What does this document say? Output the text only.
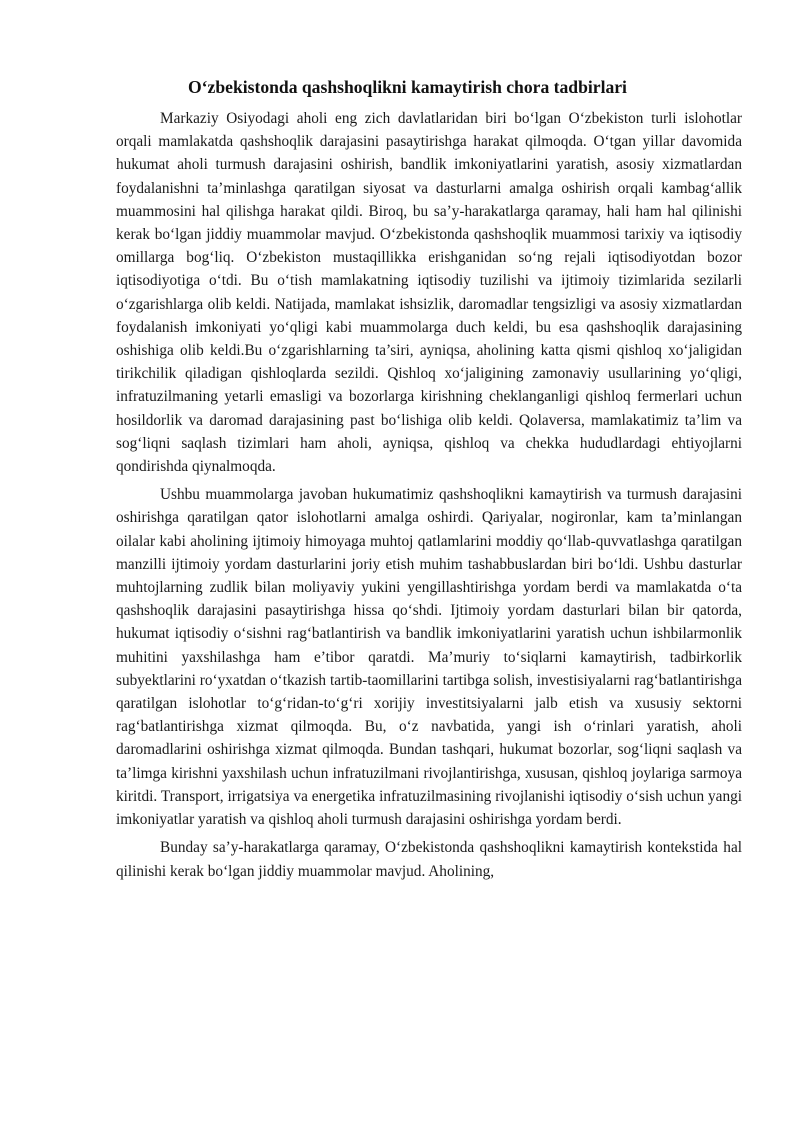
O‘zbekistonda qashshoqlikni kamaytirish chora tadbirlari

Markaziy Osiyodagi aholi eng zich davlatlaridan biri bo‘lgan O‘zbekiston turli islohotlar orqali mamlakatda qashshoqlik darajasini pasaytirishga harakat qilmoqda. O‘tgan yillar davomida hukumat aholi turmush darajasini oshirish, bandlik imkoniyatlarini yaratish, asosiy xizmatlardan foydalanishni ta’minlashga qaratilgan siyosat va dasturlarni amalga oshirish orqali kambag‘allik muammosini hal qilishga harakat qildi. Biroq, bu sa’y-harakatlarga qaramay, hali ham hal qilinishi kerak bo‘lgan jiddiy muammolar mavjud. O‘zbekistonda qashshoqlik muammosi tarixiy va iqtisodiy omillarga bog‘liq. O‘zbekiston mustaqillikka erishganidan so‘ng rejali iqtisodiyotdan bozor iqtisodiyotiga o‘tdi. Bu o‘tish mamlakatning iqtisodiy tuzilishi va ijtimoiy tizimlarida sezilarli o‘zgarishlarga olib keldi. Natijada, mamlakat ishsizlik, daromadlar tengsizligi va asosiy xizmatlardan foydalanish imkoniyati yo‘qligi kabi muammolarga duch keldi, bu esa qashshoqlik darajasining oshishiga olib keldi.Bu o‘zgarishlarning ta’siri, ayniqsa, aholining katta qismi qishloq xo‘jaligidan tirikchilik qiladigan qishloqlarda sezildi. Qishloq xo‘jaligining zamonaviy usullarining yo‘qligi, infratuzilmaning yetarli emasligi va bozorlarga kirishning cheklanganligi qishloq fermerlari uchun hosildorlik va daromad darajasining past bo‘lishiga olib keldi. Qolaversa, mamlakatimiz ta’lim va sog‘liqni saqlash tizimlari ham aholi, ayniqsa, qishloq va chekka hududlardagi ehtiyojlarni qondirishda qiynalmoqda.

Ushbu muammolarga javoban hukumatimiz qashshoqlikni kamaytirish va turmush darajasini oshirishga qaratilgan qator islohotlarni amalga oshirdi. Qariyalar, nogironlar, kam ta’minlangan oilalar kabi aholining ijtimoiy himoyaga muhtoj qatlamlarini moddiy qo‘llab-quvvatlashga qaratilgan manzilli ijtimoiy yordam dasturlarini joriy etish muhim tashabbuslardan biri bo‘ldi. Ushbu dasturlar muhtojlarning zudlik bilan moliyaviy yukini yengillashtirishga yordam berdi va mamlakatda o‘ta qashshoqlik darajasini pasaytirishga hissa qo‘shdi. Ijtimoiy yordam dasturlari bilan bir qatorda, hukumat iqtisodiy o‘sishni rag‘batlantirish va bandlik imkoniyatlarini yaratish uchun ishbilarmonlik muhitini yaxshilashga ham e’tibor qaratdi. Ma’muriy to‘siqlarni kamaytirish, tadbirkorlik subyektlarini ro‘yxatdan o‘tkazish tartib-taomillarini tartibga solish, investisiyalarni rag‘batlantirishga qaratilgan islohotlar to‘g‘ridan-to‘g‘ri xorijiy investitsiyalarni jalb etish va xususiy sektorni rag‘batlantirishga xizmat qilmoqda. Bu, o‘z navbatida, yangi ish o‘rinlari yaratish, aholi daromadlarini oshirishga xizmat qilmoqda. Bundan tashqari, hukumat bozorlar, sog‘liqni saqlash va ta’limga kirishni yaxshilash uchun infratuzilmani rivojlantirishga, xususan, qishloq joylariga sarmoya kiritdi. Transport, irrigatsiya va energetika infratuzilmasining rivojlanishi iqtisodiy o‘sish uchun yangi imkoniyatlar yaratish va qishloq aholi turmush darajasini oshirishga yordam berdi.

Bunday sa’y-harakatlarga qaramay, O‘zbekistonda qashshoqlikni kamaytirish kontekstida hal qilinishi kerak bo‘lgan jiddiy muammolar mavjud. Aholining,
